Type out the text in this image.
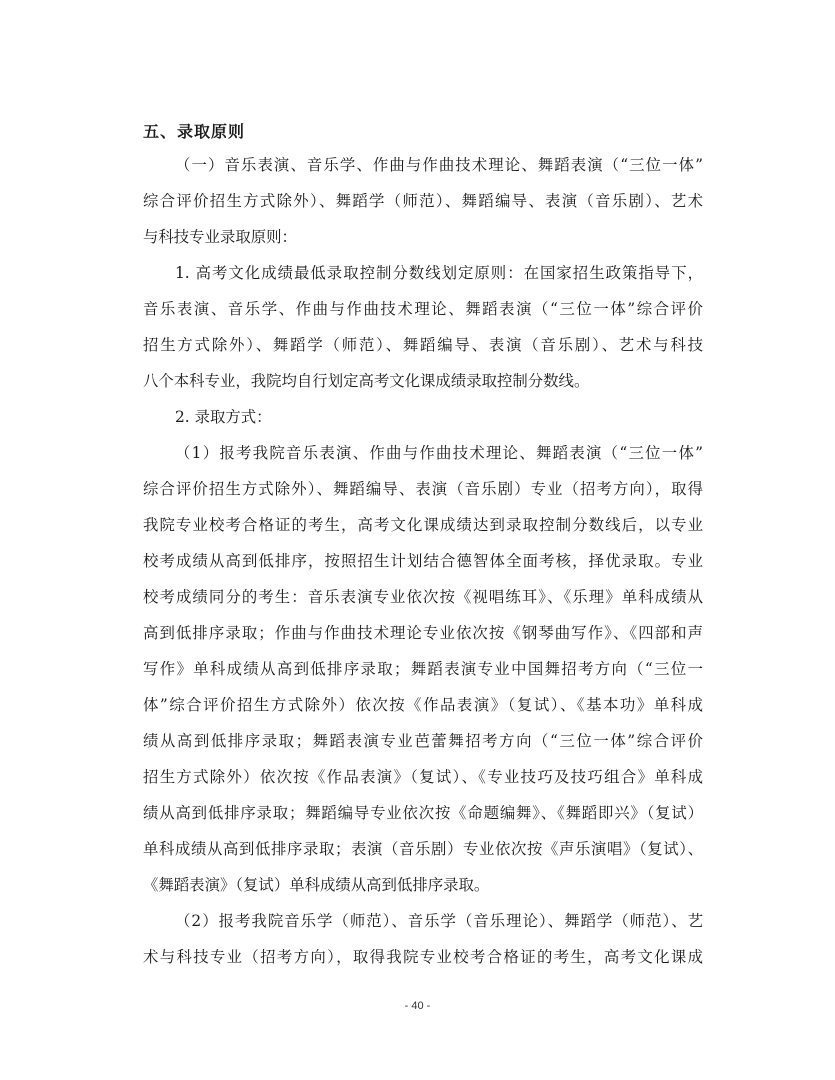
五、录取原则
（一）音乐表演、音乐学、作曲与作曲技术理论、舞蹈表演（“三位一体”
综合评价招生方式除外）、舞蹈学（师范）、舞蹈编导、表演（音乐剧）、艺术
与科技专业录取原则：
1. 高考文化成绩最低录取控制分数线划定原则：在国家招生政策指导下，
音乐表演、音乐学、作曲与作曲技术理论、舞蹈表演（“三位一体”综合评价
招生方式除外）、舞蹈学（师范）、舞蹈编导、表演（音乐剧）、艺术与科技
八个本科专业，我院均自行划定高考文化课成绩录取控制分数线。
2. 录取方式：
（1）报考我院音乐表演、作曲与作曲技术理论、舞蹈表演（“三位一体”
综合评价招生方式除外）、舞蹈编导、表演（音乐剧）专业（招考方向），取得
我院专业校考合格证的考生，高考文化课成绩达到录取控制分数线后，以专业
校考成绩从高到低排序，按照招生计划结合德智体全面考核，择优录取。专业
校考成绩同分的考生：音乐表演专业依次按《视唱练耳》、《乐理》单科成绩从
高到低排序录取；作曲与作曲技术理论专业依次按《钢琴曲写作》、《四部和声
写作》单科成绩从高到低排序录取；舞蹈表演专业中国舞招考方向（“三位一
体”综合评价招生方式除外）依次按《作品表演》（复试）、《基本功》单科成
绩从高到低排序录取；舞蹈表演专业芭蕾舞招考方向（“三位一体”综合评价
招生方式除外）依次按《作品表演》（复试）、《专业技巧及技巧组合》单科成
绩从高到低排序录取；舞蹈编导专业依次按《命题编舞》、《舞蹈即兴》（复试）
单科成绩从高到低排序录取；表演（音乐剧）专业依次按《声乐演唱》（复试）、
《舞蹈表演》（复试）单科成绩从高到低排序录取。
（2）报考我院音乐学（师范）、音乐学（音乐理论）、舞蹈学（师范）、艺
术与科技专业（招考方向），取得我院专业校考合格证的考生，高考文化课成
- 40 -
